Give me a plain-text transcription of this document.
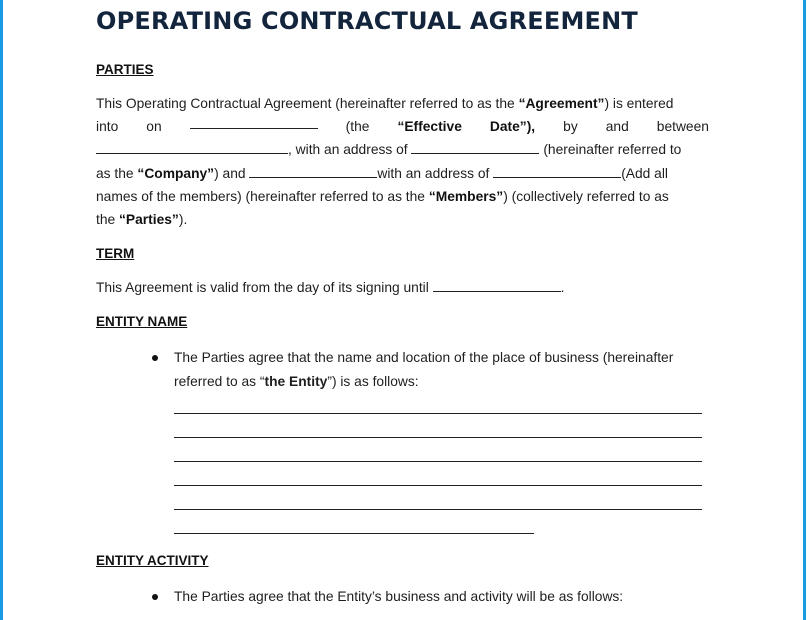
OPERATING CONTRACTUAL AGREEMENT
PARTIES
This Operating Contractual Agreement (hereinafter referred to as the “Agreement”) is entered
into on	(the “Effective Date”), by and between
, with an address of	(hereinafter referred to
as the “Company”) and	with an address of	(Add all
names of the members) (hereinafter referred to as the “Members”) (collectively referred to as
the “Parties”).
TERM
This Agreement is valid from the day of its signing until	.
ENTITY NAME
The Parties agree that the name and location of the place of business (hereinafter
referred to as “the Entity”) is as follows:
ENTITY ACTIVITY
The Parties agree that the Entity’s business and activity will be as follows:
